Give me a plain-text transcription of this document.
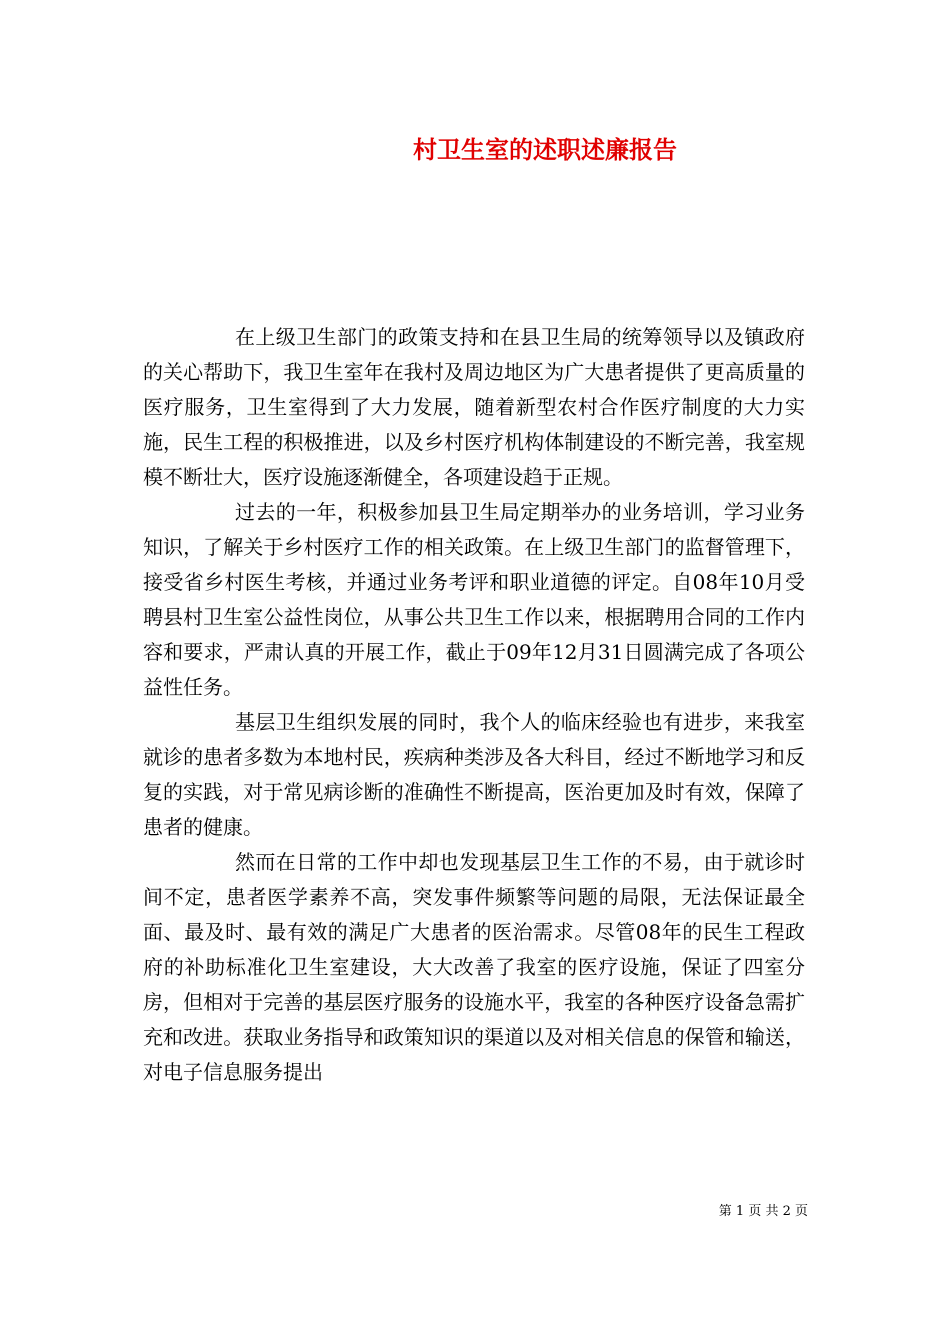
村卫生室的述职述廉报告

在上级卫生部门的政策支持和在县卫生局的统筹领导以及镇政府的关心帮助下，我卫生室年在我村及周边地区为广大患者提供了更高质量的医疗服务，卫生室得到了大力发展，随着新型农村合作医疗制度的大力实施，民生工程的积极推进，以及乡村医疗机构体制建设的不断完善，我室规模不断壮大，医疗设施逐渐健全，各项建设趋于正规。

过去的一年，积极参加县卫生局定期举办的业务培训，学习业务知识，了解关于乡村医疗工作的相关政策。在上级卫生部门的监督管理下，接受省乡村医生考核，并通过业务考评和职业道德的评定。自08年10月受聘县村卫生室公益性岗位，从事公共卫生工作以来，根据聘用合同的工作内容和要求，严肃认真的开展工作，截止于09年12月31日圆满完成了各项公益性任务。

基层卫生组织发展的同时，我个人的临床经验也有进步，来我室就诊的患者多数为本地村民，疾病种类涉及各大科目，经过不断地学习和反复的实践，对于常见病诊断的准确性不断提高，医治更加及时有效，保障了患者的健康。

然而在日常的工作中却也发现基层卫生工作的不易，由于就诊时间不定，患者医学素养不高，突发事件频繁等问题的局限，无法保证最全面、最及时、最有效的满足广大患者的医治需求。尽管08年的民生工程政府的补助标准化卫生室建设，大大改善了我室的医疗设施，保证了四室分房，但相对于完善的基层医疗服务的设施水平，我室的各种医疗设备急需扩充和改进。获取业务指导和政策知识的渠道以及对相关信息的保管和输送，对电子信息服务提出

第 1 页 共 2 页
